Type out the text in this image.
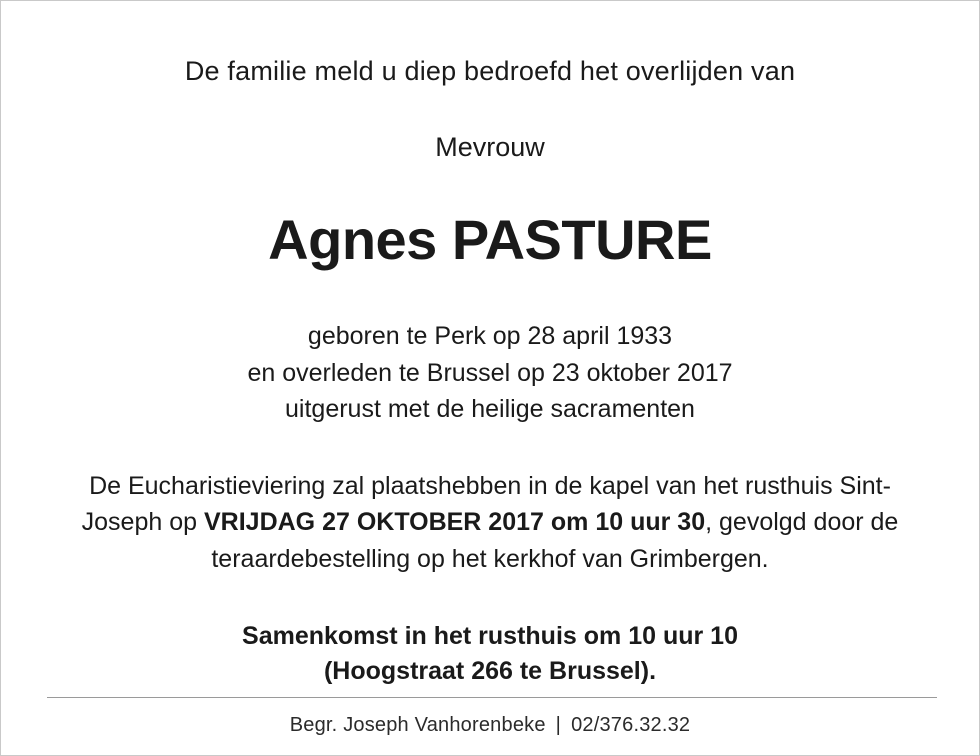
De familie meld u diep bedroefd het overlijden van
Mevrouw
Agnes PASTURE
geboren te Perk op 28 april 1933
en overleden te Brussel op 23 oktober 2017
uitgerust met de heilige sacramenten
De Eucharistieviering zal plaatshebben in de kapel van het rusthuis Sint-Joseph op VRIJDAG 27 OKTOBER 2017 om 10 uur 30, gevolgd door de teraardebestelling op het kerkhof van Grimbergen.
Samenkomst in het rusthuis om 10 uur 10
(Hoogstraat 266 te Brussel).
Begr. Joseph Vanhorenbeke | 02/376.32.32
